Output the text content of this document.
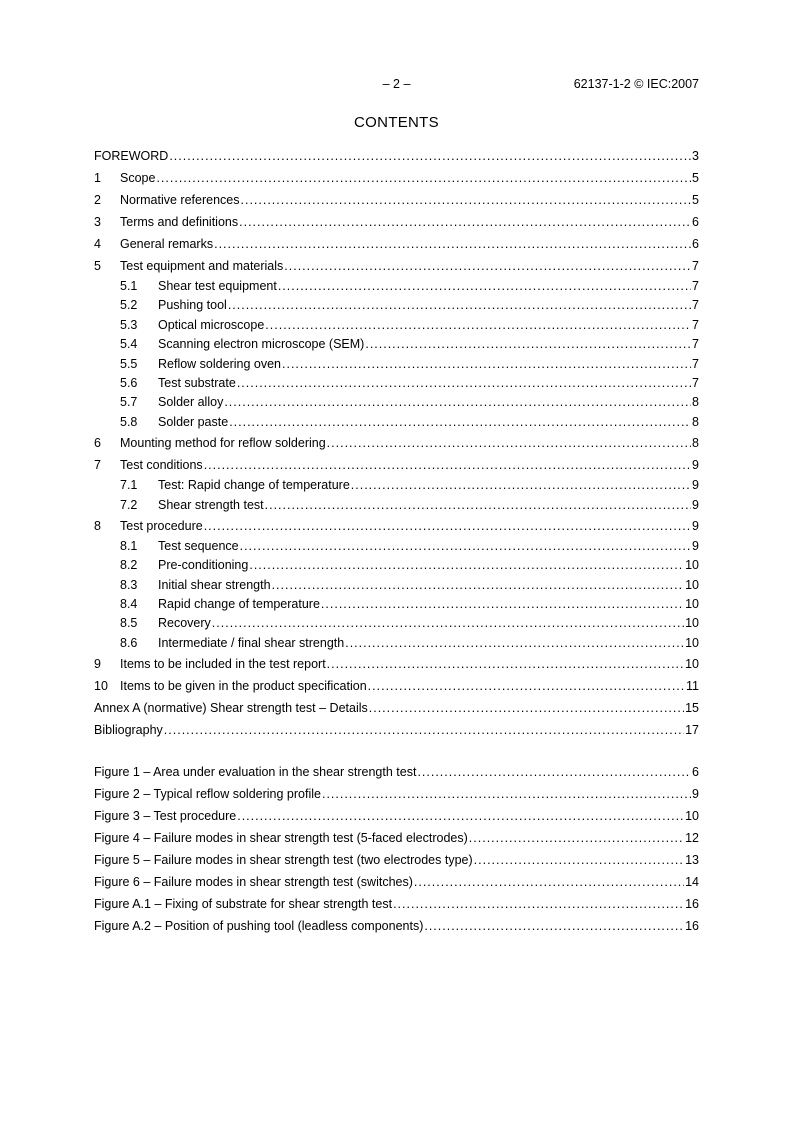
– 2 –	62137-1-2 © IEC:2007
CONTENTS
FOREWORD .....	3
1	Scope .....	5
2	Normative references .....	5
3	Terms and definitions .....	6
4	General remarks .....	6
5	Test equipment and materials .....	7
5.1	Shear test equipment .....	7
5.2	Pushing tool .....	7
5.3	Optical microscope .....	7
5.4	Scanning electron microscope (SEM) .....	7
5.5	Reflow soldering oven .....	7
5.6	Test substrate .....	7
5.7	Solder alloy .....	8
5.8	Solder paste .....	8
6	Mounting method for reflow soldering .....	8
7	Test conditions .....	9
7.1	Test: Rapid change of temperature .....	9
7.2	Shear strength test .....	9
8	Test procedure .....	9
8.1	Test sequence .....	9
8.2	Pre-conditioning .....	10
8.3	Initial shear strength .....	10
8.4	Rapid change of temperature .....	10
8.5	Recovery .....	10
8.6	Intermediate / final shear strength .....	10
9	Items to be included in the test report .....	10
10 Items to be given in the product specification .....	11
Annex A (normative) Shear strength test – Details .....	15
Bibliography .....	17
Figure 1 – Area under evaluation in the shear strength test .....	6
Figure 2 – Typical reflow soldering profile .....	9
Figure 3 – Test procedure .....	10
Figure 4 – Failure modes in shear strength test (5-faced electrodes) .....	12
Figure 5 – Failure modes in shear strength test (two electrodes type) .....	13
Figure 6 – Failure modes in shear strength test (switches) .....	14
Figure A.1 – Fixing of substrate for shear strength test .....	16
Figure A.2 – Position of pushing tool (leadless components) .....	16
